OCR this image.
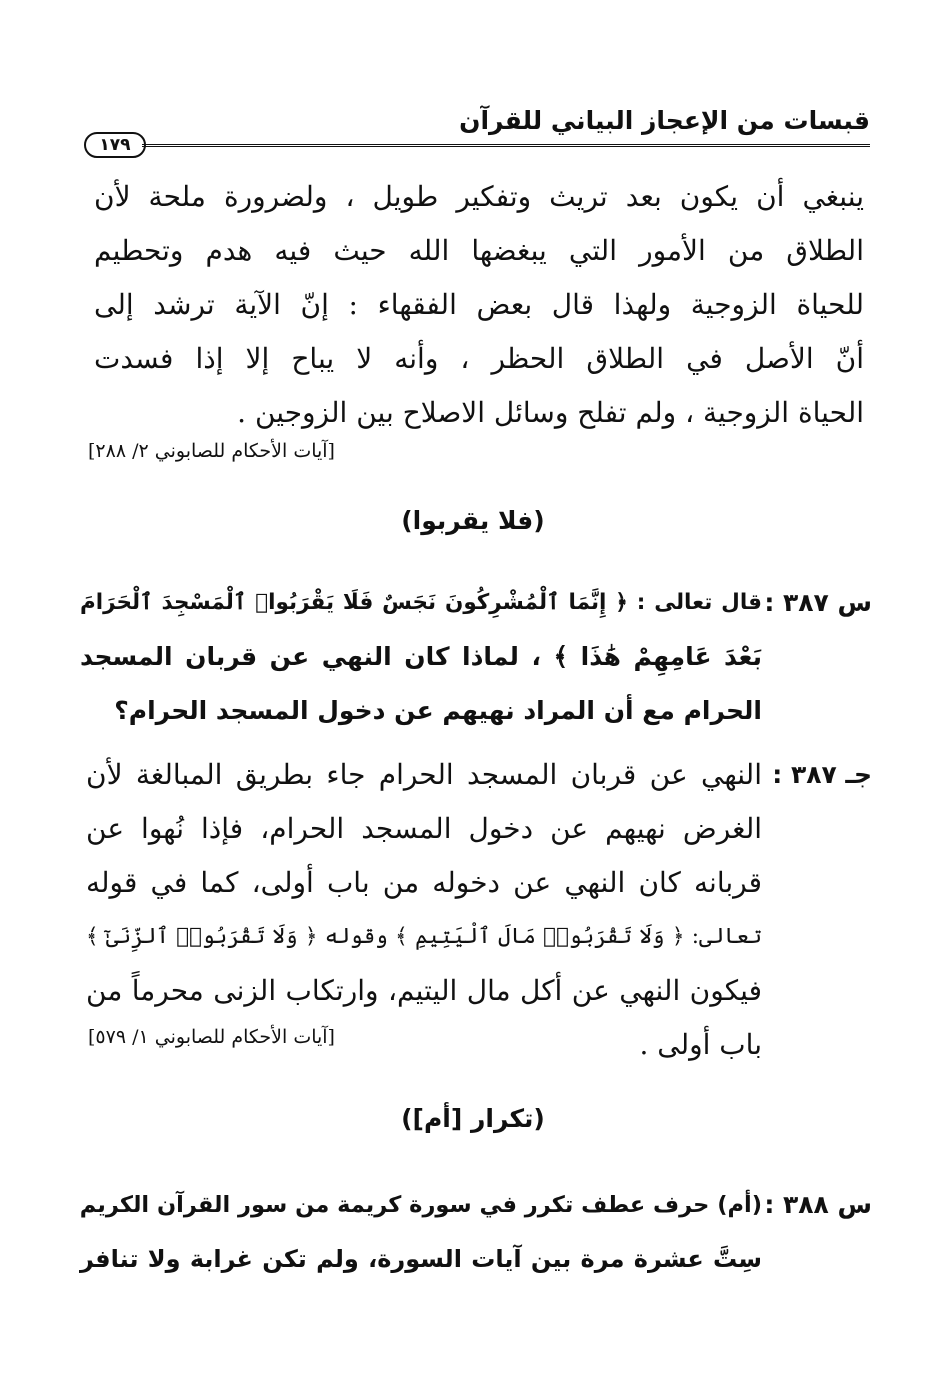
قبسات من الإعجاز البياني للقرآن
١٧٩
ينبغي أن يكون بعد تريث وتفكير طويل ، ولضرورة ملحة لأن
الطلاق من الأمور التي يبغضها الله حيث فيه هدم وتحطيم
للحياة الزوجية ولهذا قال بعض الفقهاء : إنّ الآية ترشد إلى
أنّ الأصل في الطلاق الحظر ، وأنه لا يباح إلا إذا فسدت
الحياة الزوجية ، ولم تفلح وسائل الاصلاح بين الزوجين .
[آيات الأحكام للصابوني ٢/ ٢٨٨]
(فلا يقربوا)
س ٣٨٧ :
قال تعالى : ﴿ إِنَّمَا ٱلْمُشْرِكُونَ نَجَسٌ فَلَا يَقْرَبُوا۟ ٱلْمَسْجِدَ ٱلْحَرَامَ
بَعْدَ عَامِهِمْ هَٰذَا ﴾ ، لماذا كان النهي عن قربان المسجد
الحرام مع أن المراد نهيهم عن دخول المسجد الحرام؟
جـ ٣٨٧ :
النهي عن قربان المسجد الحرام جاء بطريق المبالغة لأن
الغرض نهيهم عن دخول المسجد الحرام، فإذا نُهوا عن
قربانه كان النهي عن دخوله من باب أولى، كما في قوله
تعالى: ﴿ وَلَا تَقْرَبُوا۟ مَالَ ٱلْيَتِيمِ ﴾ وقوله ﴿ وَلَا تَقْرَبُوا۟ ٱلزِّنَىٰٓ ﴾
فيكون النهي عن أكل مال اليتيم، وارتكاب الزنى محرماً من
باب أولى .
[آيات الأحكام للصابوني ١/ ٥٧٩]
(تكرار [أم])
س ٣٨٨ :
(أم) حرف عطف تكرر في سورة كريمة من سور القرآن الكريم
سِتَّ عشرة مرة بين آيات السورة، ولم تكن غرابة ولا تنافر
